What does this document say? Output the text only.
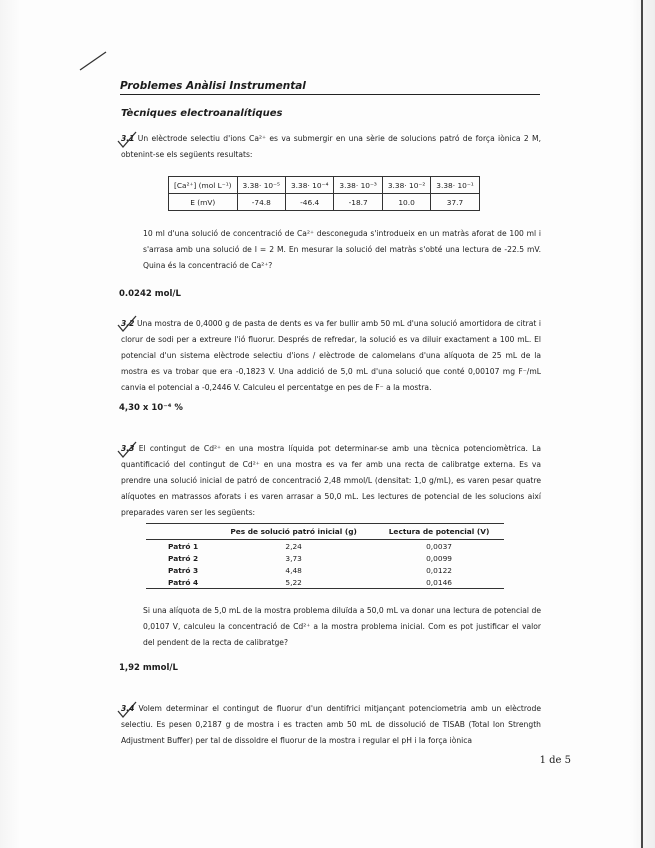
Problemes Anàlisi Instrumental
Tècniques electroanalítiques
3.1 Un elèctrode selectiu d'ions Ca²⁺ es va submergir en una sèrie de solucions patró de força iònica 2 M, obtenint-se els següents resultats:
[Ca²⁺] (mol L⁻¹)	3.38· 10⁻⁵	3.38· 10⁻⁴	3.38· 10⁻³	3.38· 10⁻²	3.38· 10⁻¹
E (mV)	-74.8	-46.4	-18.7	10.0	37.7
10 ml d'una solució de concentració de Ca²⁺ desconeguda s'introdueix en un matràs aforat de 100 ml i s'arrasa amb una solució de I = 2 M. En mesurar la solució del matràs s'obté una lectura de -22.5 mV. Quina és la concentració de Ca²⁺?
0.0242 mol/L
3.2 Una mostra de 0,4000 g de pasta de dents es va fer bullir amb 50 mL d'una solució amortidora de citrat i clorur de sodi per a extreure l'ió fluorur. Després de refredar, la solució es va diluir exactament a 100 mL. El potencial d'un sistema elèctrode selectiu d'ions / elèctrode de calomelans d'una alíquota de 25 mL de la mostra es va trobar que era -0,1823 V. Una addició de 5,0 mL d'una solució que conté 0,00107 mg F⁻/mL canvia el potencial a -0,2446 V. Calculeu el percentatge en pes de F⁻ a la mostra.
4,30 x 10⁻⁴ %
3.3 El contingut de Cd²⁺ en una mostra líquida pot determinar-se amb una tècnica potenciomètrica. La quantificació del contingut de Cd²⁺ en una mostra es va fer amb una recta de calibratge externa. Es va prendre una solució inicial de patró de concentració 2,48 mmol/L (densitat: 1,0 g/mL), es varen pesar quatre alíquotes en matrassos aforats i es varen arrasar a 50,0 mL. Les lectures de potencial de les solucions així preparades varen ser les següents:
	Pes de solució patró inicial (g)	Lectura de potencial (V)
Patró 1	2,24	0,0037
Patró 2	3,73	0,0099
Patró 3	4,48	0,0122
Patró 4	5,22	0,0146
Si una alíquota de 5,0 mL de la mostra problema diluïda a 50,0 mL va donar una lectura de potencial de 0,0107 V, calculeu la concentració de Cd²⁺ a la mostra problema inicial. Com es pot justificar el valor del pendent de la recta de calibratge?
1,92 mmol/L
3.4 Volem determinar el contingut de fluorur d'un dentifrici mitjançant potenciometria amb un elèctrode selectiu. Es pesen 0,2187 g de mostra i es tracten amb 50 mL de dissolució de TISAB (Total Ion Strength Adjustment Buffer) per tal de dissoldre el fluorur de la mostra i regular el pH i la força iònica
1 de 5
